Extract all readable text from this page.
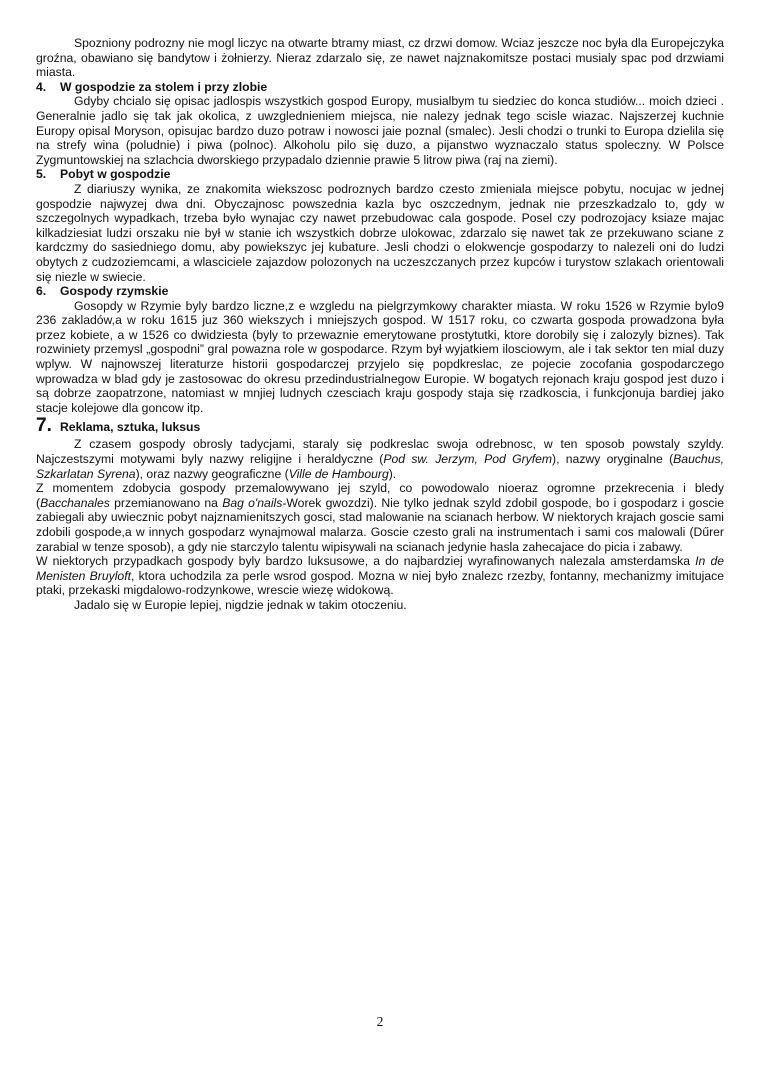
Spozniony podrozny nie mogl liczyc na otwarte btramy miast, cz drzwi domow. Wciaz jeszcze noc była dla Europejczyka groźna, obawiano się bandytow i żołnierzy. Nieraz zdarzalo się, ze nawet najznakomitsze postaci musialy spac pod drzwiami miasta.

4.	W gospodzie za stolem i przy zlobie

Gdyby chcialo się opisac jadlospis wszystkich gospod Europy, musialbym tu siedziec do konca studiów... moich dzieci . Generalnie jadlo się tak jak okolica, z uwzglednieniem miejsca, nie nalezy jednak tego scisle wiazac. Najszerzej kuchnie Europy opisal Moryson, opisujac bardzo duzo potraw i nowosci jaie poznal (smalec). Jesli chodzi o trunki to Europa dzielila się na strefy wina (poludnie) i piwa (polnoc). Alkoholu pilo się duzo, a pijanstwo wyznaczalo status spoleczny. W Polsce Zygmuntowskiej na szlachcia dworskiego przypadalo dziennie prawie 5 litrow piwa (raj na ziemi).

5.	Pobyt w gospodzie

Z diariuszy wynika, ze znakomita wiekszosc podroznych bardzo czesto zmieniala miejsce pobytu, nocujac w jednej gospodzie najwyzej dwa dni. Obyczajnosc powszednia kazla byc oszczednym, jednak nie przeszkadzalo to, gdy w szczegolnych wypadkach, trzeba było wynajac czy nawet przebudowac cala gospode. Posel czy podrozojacy ksiaze majac kilkadziesiat ludzi orszaku nie był w stanie ich wszystkich dobrze ulokowac, zdarzalo się nawet tak ze przekuwano sciane z kardczmy do sasiedniego domu, aby powiekszyc jej kubature. Jesli chodzi o elokwencje gospodarzy to nalezeli oni do ludzi obytych z cudzoziemcami, a wlasciciele zajazdow polozonych na uczeszczanych przez kupców i turystow szlakach orientowali się niezle w swiecie.

6.	Gospody rzymskie

Gosopdy w Rzymie byly bardzo liczne,z e wzgledu na pielgrzymkowy charakter miasta. W roku 1526 w Rzymie bylo9 236 zakladów,a w roku 1615 juz 360 wiekszych i mniejszych gospod. W 1517 roku, co czwarta gospoda prowadzona była przez kobiete, a w 1526 co dwidziesta (byly to przewaznie emerytowane prostytutki, ktore dorobily się i zalozyly biznes). Tak rozwiniety przemysl „gospodni” gral powazna role w gospodarce. Rzym był wyjatkiem ilosciowym, ale i tak sektor ten mial duzy wplyw. W najnowszej literaturze historii gospodarczej przyjelo się popdkreslac, ze pojecie zocofania gospodarczego wprowadza w blad gdy je zastosowac do okresu przedindustrialnegow Europie. W bogatych rejonach kraju gospod jest duzo i są dobrze zaopatrzone, natomiast w mnjiej ludnych czesciach kraju gospody staja się rzadkoscia, i funkcjonuja bardiej jako stacje kolejowe dla goncow itp.

7. Reklama, sztuka, luksus

Z czasem gospody obrosly tadycjami, staraly się podkreslac swoja odrebnosc, w ten sposob powstaly szyldy. Najczestszymi motywami byly nazwy religijne i heraldyczne (Pod sw. Jerzym, Pod Gryfem), nazwy oryginalne (Bauchus, Szkarlatan Syrena), oraz nazwy geograficzne (Ville de Hambourg).

Z momentem zdobycia gospody przemalowywano jej szyld, co powodowalo nioeraz ogromne przekrecenia i bledy (Bacchanales przemianowano na Bag o'nails-Worek gwozdzi). Nie tylko jednak szyld zdobil gospode, bo i gospodarz i goscie zabiegali aby uwiecznic pobyt najznamienitszych gosci, stad malowanie na scianach herbow. W niektorych krajach goscie sami zdobili gospode,a w innych gospodarz wynajmowal malarza. Goscie czesto grali na instrumentach i sami cos malowali (Dűrer zarabial w tenze sposob), a gdy nie starczylo talentu wipisywali na scianach jedynie hasla zahecajace do picia i zabawy.

W niektorych przypadkach gospody byly bardzo luksusowe, a do najbardziej wyrafinowanych nalezala amsterdamska In de Menisten Bruyloft, ktora uchodzila za perle wsrod gospod. Mozna w niej było znalezc rzezby, fontanny, mechanizmy imitujace ptaki, przekaski migdalowo-rodzynkowe, wrescie wiezę widokową.

Jadalo się w Europie lepiej, nigdzie jednak w takim otoczeniu.

2
